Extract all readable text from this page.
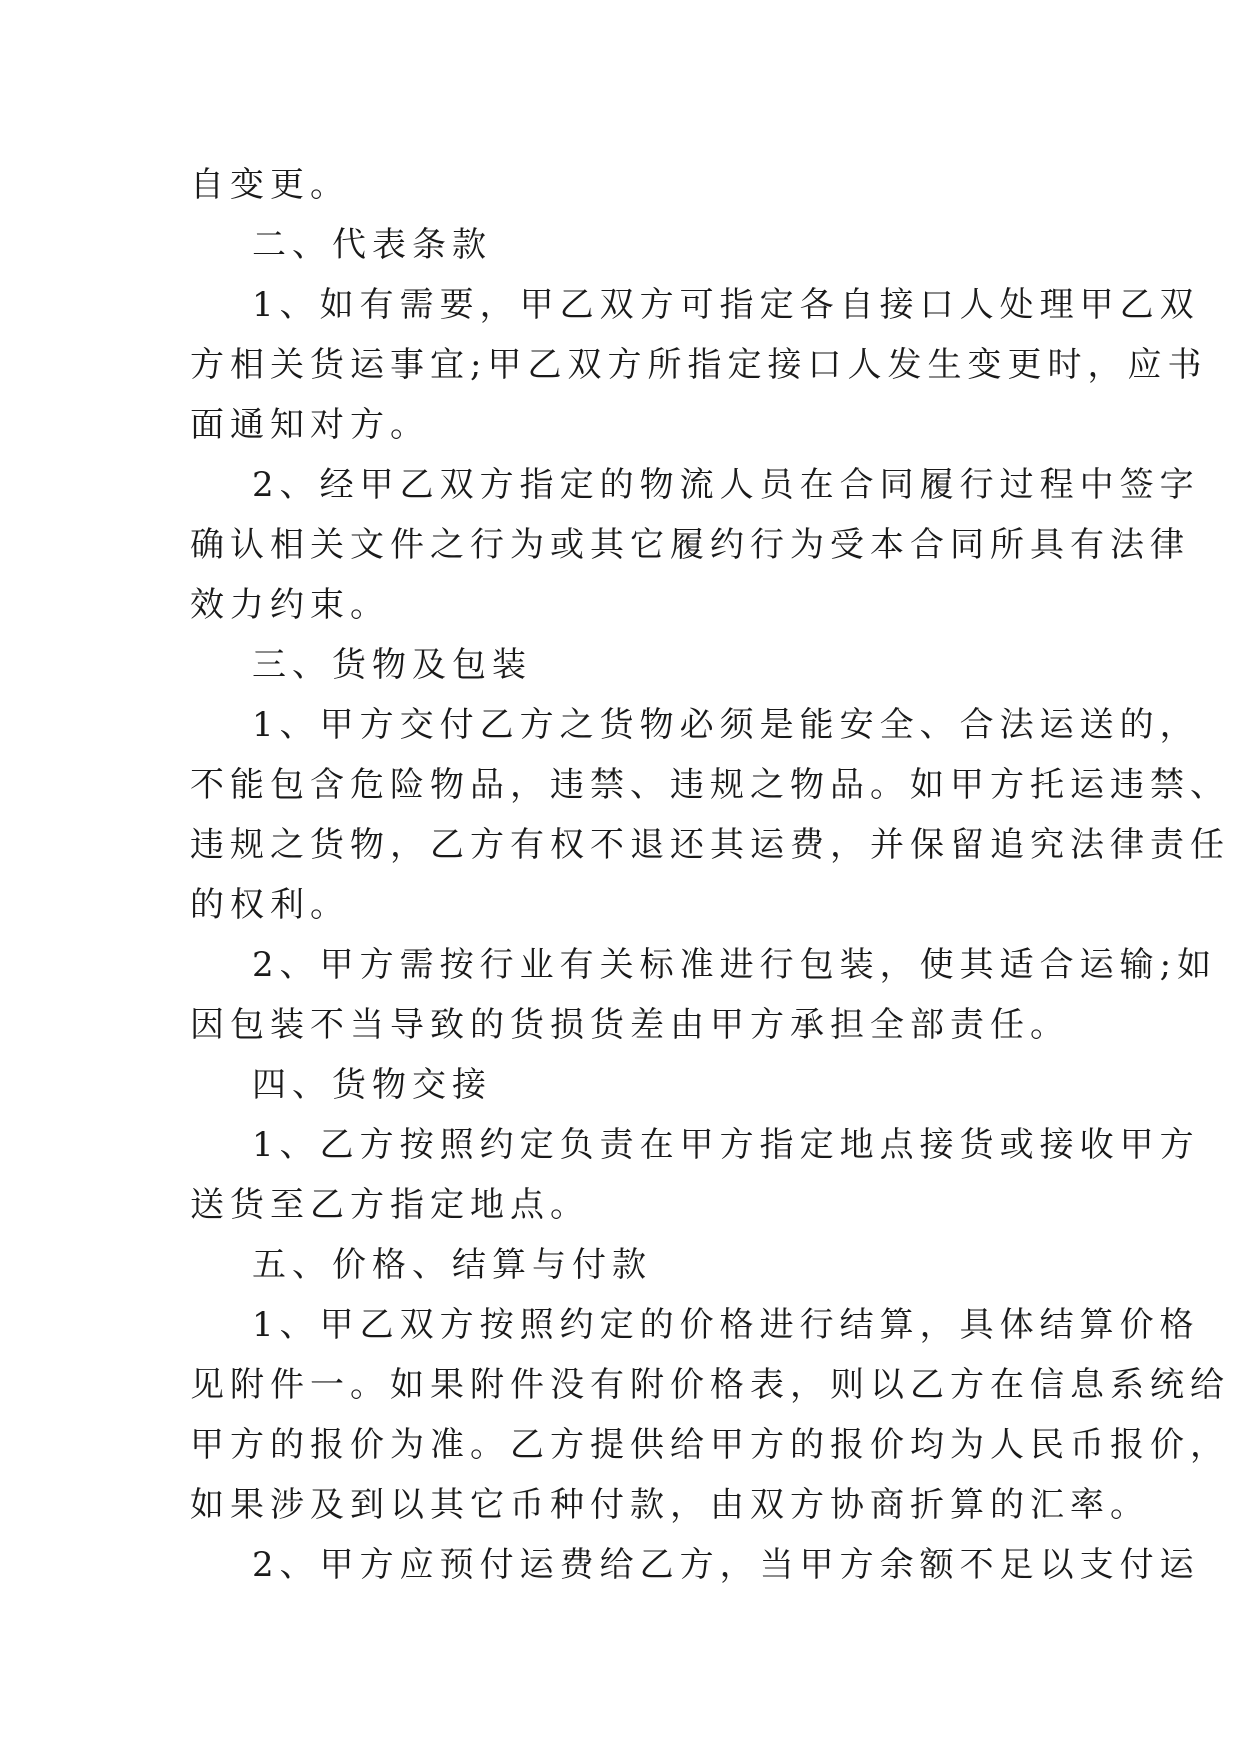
自变更。

二、代表条款

1、如有需要，甲乙双方可指定各自接口人处理甲乙双

方相关货运事宜;甲乙双方所指定接口人发生变更时，应书

面通知对方。

2、经甲乙双方指定的物流人员在合同履行过程中签字

确认相关文件之行为或其它履约行为受本合同所具有法律

效力约束。

三、货物及包装

1、甲方交付乙方之货物必须是能安全、合法运送的，

不能包含危险物品，违禁、违规之物品。如甲方托运违禁、

违规之货物，乙方有权不退还其运费，并保留追究法律责任

的权利。

2、甲方需按行业有关标准进行包装，使其适合运输;如

因包装不当导致的货损货差由甲方承担全部责任。

四、货物交接

1、乙方按照约定负责在甲方指定地点接货或接收甲方

送货至乙方指定地点。

五、价格、结算与付款

1、甲乙双方按照约定的价格进行结算，具体结算价格

见附件一。如果附件没有附价格表，则以乙方在信息系统给

甲方的报价为准。乙方提供给甲方的报价均为人民币报价，

如果涉及到以其它币种付款，由双方协商折算的汇率。

2、甲方应预付运费给乙方，当甲方余额不足以支付运
